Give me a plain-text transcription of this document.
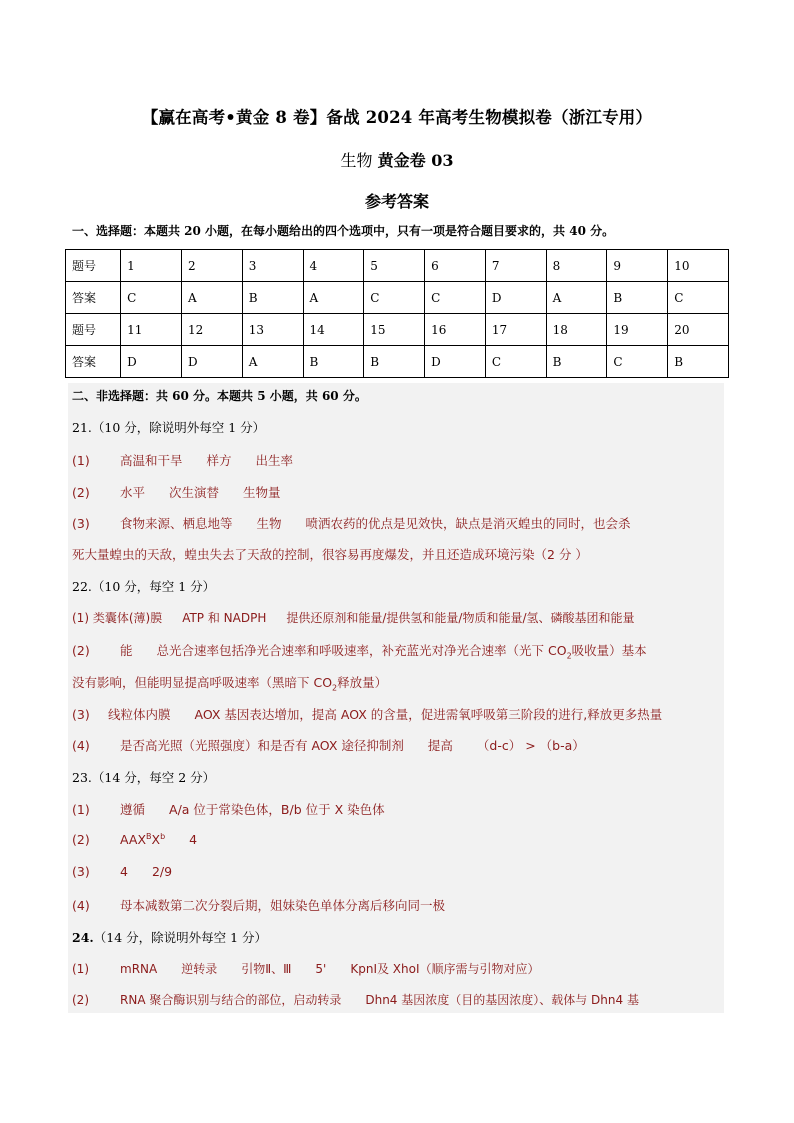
【赢在高考•黄金 8 卷】备战 2024 年高考生物模拟卷（浙江专用）
生物 黄金卷 03
参考答案
一、选择题：本题共 20 小题，在每小题给出的四个选项中，只有一项是符合题目要求的，共 40 分。
题号	1	2	3	4	5	6	7	8	9	10
答案	C	A	B	A	C	C	D	A	B	C
题号	11	12	13	14	15	16	17	18	19	20
答案	D	D	A	B	B	D	C	B	C	B
二、非选择题：共 60 分。本题共 5 小题，共 60 分。
21.（10 分，除说明外每空 1 分）
(1) 高温和干旱 样方 出生率
(2) 水平 次生演替 生物量
(3) 食物来源、栖息地等 生物 喷洒农药的优点是见效快，缺点是消灭蝗虫的同时，也会杀
死大量蝗虫的天敌，蝗虫失去了天敌的控制，很容易再度爆发，并且还造成环境污染（2 分 ）
22.（10 分，每空 1 分）
(1) 类囊体(薄)膜 ATP 和 NADPH 提供还原剂和能量/提供氢和能量/物质和能量/氢、磷酸基团和能量
(2) 能 总光合速率包括净光合速率和呼吸速率，补充蓝光对净光合速率（光下 $CO_2$吸收量）基本
没有影响，但能明显提高呼吸速率（黑暗下 $CO_2$释放量）
(3) 线粒体内膜 AOX 基因表达增加，提高 AOX 的含量，促进需氧呼吸第三阶段的进行,释放更多热量
(4) 是否高光照（光照强度）和是否有 AOX 途径抑制剂 提高 （d-c） > （b-a）
23.（14 分，每空 2 分）
(1) 遵循 A/a 位于常染色体，B/b 位于 X 染色体
(2) $AAX^BX^b$ 4
(3) 4 2/9
(4) 母本减数第二次分裂后期，姐妹染色单体分离后移向同一极
24.（14 分，除说明外每空 1 分）
(1)	mRNA 逆转录 引物Ⅱ、Ⅲ 5' KpnⅠ及 XhoI（顺序需与引物对应）
(2)	RNA 聚合酶识别与结合的部位，启动转录 Dhn4 基因浓度（目的基因浓度）、载体与 Dhn4 基
